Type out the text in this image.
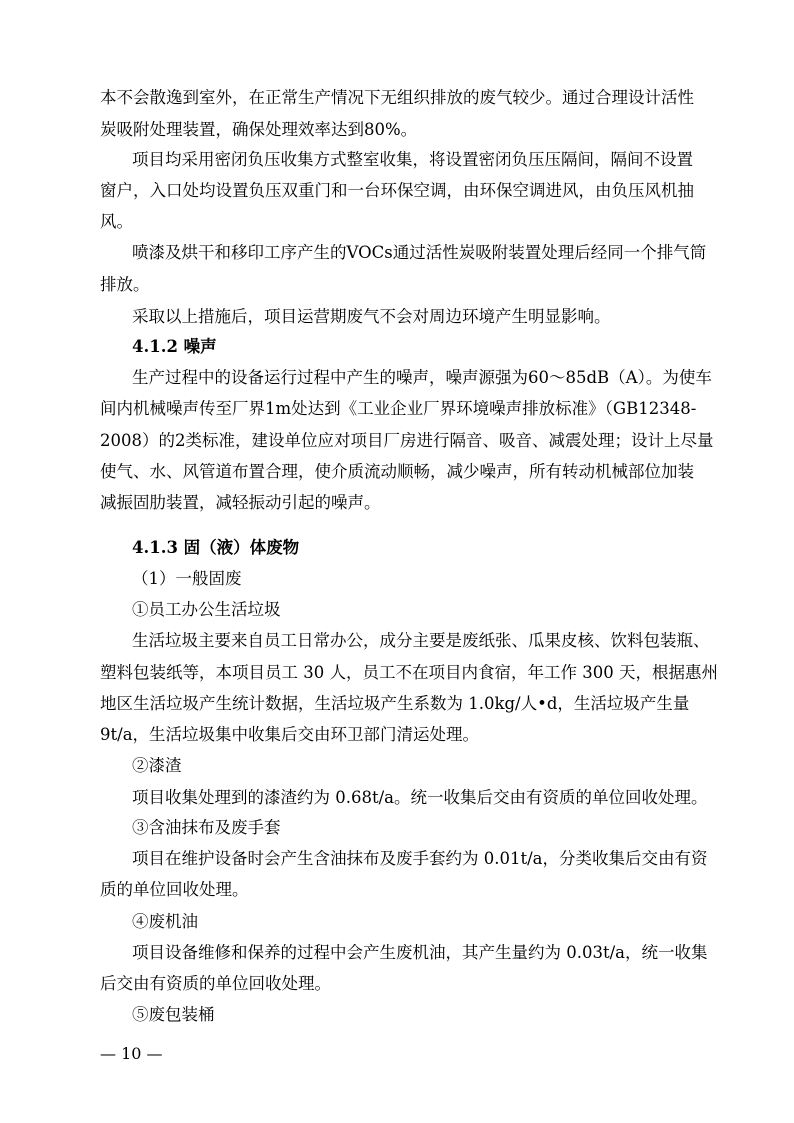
本不会散逸到室外，在正常生产情况下无组织排放的废气较少。通过合理设计活性
炭吸附处理装置，确保处理效率达到80%。
项目均采用密闭负压收集方式整室收集，将设置密闭负压压隔间，隔间不设置
窗户，入口处均设置负压双重门和一台环保空调，由环保空调进风，由负压风机抽
风。
喷漆及烘干和移印工序产生的VOCs通过活性炭吸附装置处理后经同一个排气筒
排放。
采取以上措施后，项目运营期废气不会对周边环境产生明显影响。
4.1.2 噪声
生产过程中的设备运行过程中产生的噪声，噪声源强为60～85dB（A）。为使车
间内机械噪声传至厂界1m处达到《工业企业厂界环境噪声排放标准》（GB12348-
2008）的2类标准，建设单位应对项目厂房进行隔音、吸音、减震处理；设计上尽量
使气、水、风管道布置合理，使介质流动顺畅，减少噪声，所有转动机械部位加装
减振固肋装置，减轻振动引起的噪声。
4.1.3 固（液）体废物
（1）一般固废
①员工办公生活垃圾
生活垃圾主要来自员工日常办公，成分主要是废纸张、瓜果皮核、饮料包装瓶、
塑料包装纸等，本项目员工 30 人，员工不在项目内食宿，年工作 300 天，根据惠州
地区生活垃圾产生统计数据，生活垃圾产生系数为 1.0kg/人•d，生活垃圾产生量
9t/a，生活垃圾集中收集后交由环卫部门清运处理。
②漆渣
项目收集处理到的漆渣约为 0.68t/a。统一收集后交由有资质的单位回收处理。
③含油抹布及废手套
项目在维护设备时会产生含油抹布及废手套约为 0.01t/a，分类收集后交由有资
质的单位回收处理。
④废机油
项目设备维修和保养的过程中会产生废机油，其产生量约为 0.03t/a，统一收集
后交由有资质的单位回收处理。
⑤废包装桶
— 10 —
